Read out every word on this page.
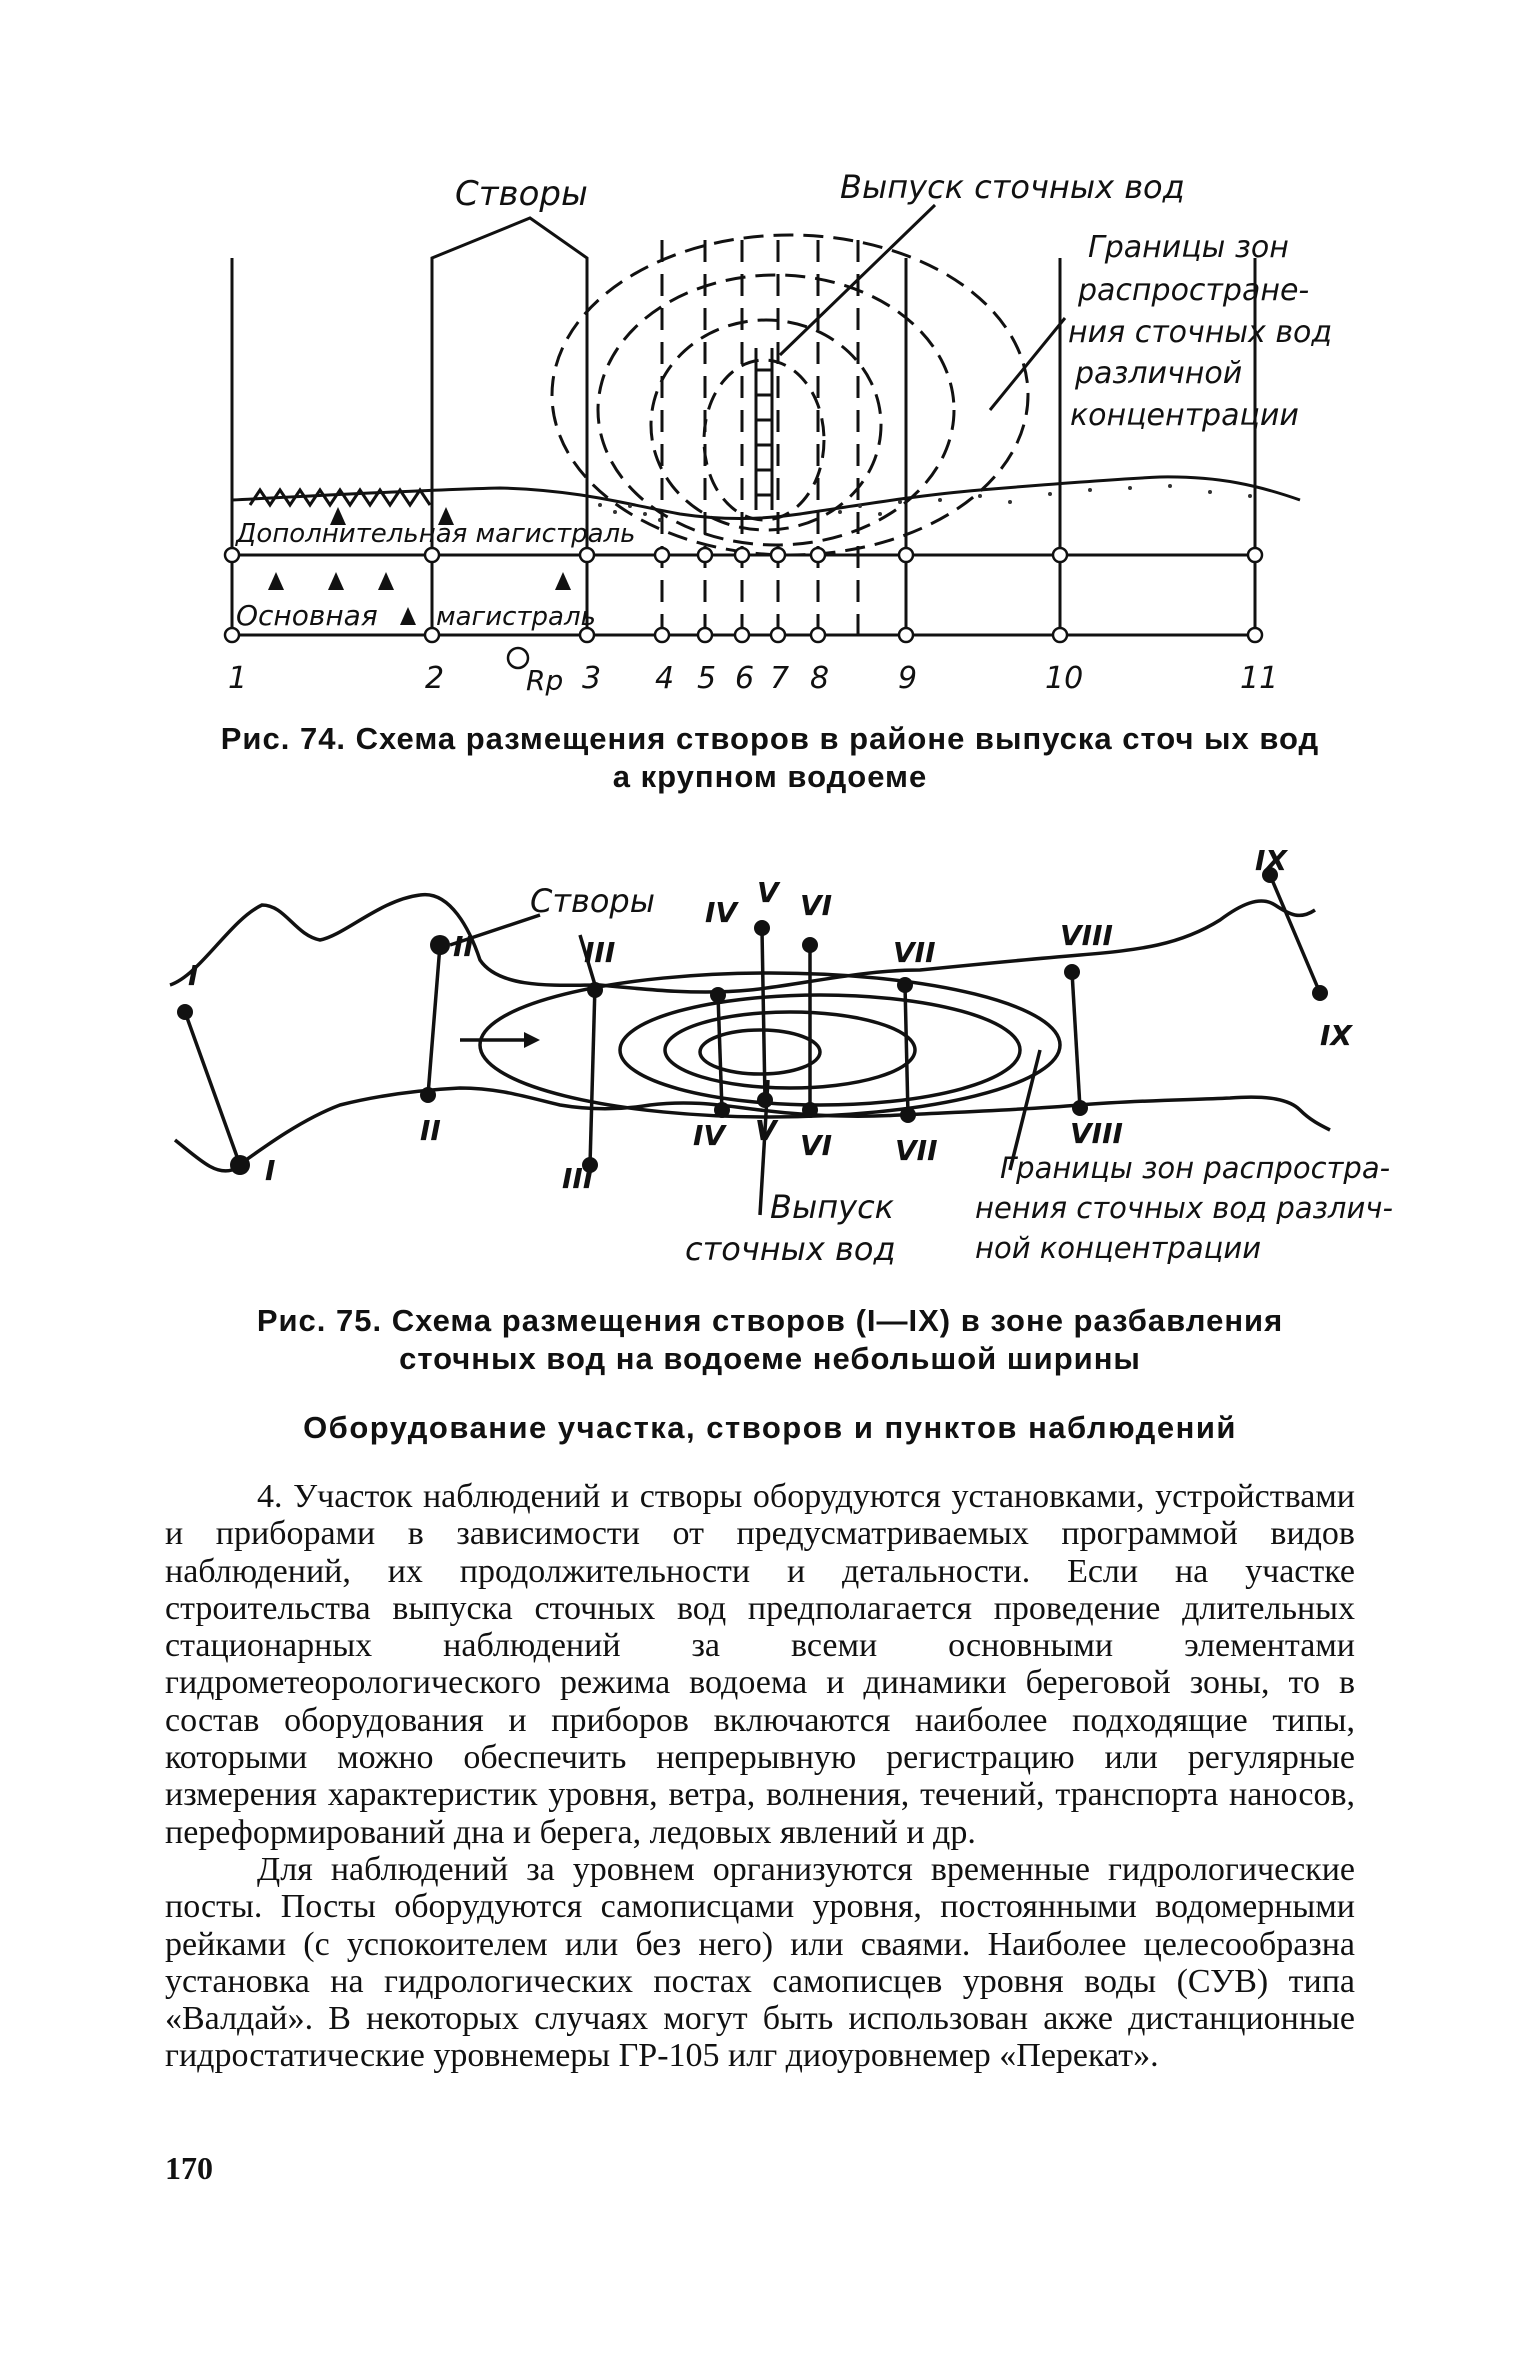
Створы	Выпуск сточных вод
Границы зон
распростране-
ния сточных вод
различной
концентрации
Дополнительная магистраль
Основная магистраль
Rp
1	2	3 4 5 6 7 8 9	10	11
Рис. 74. Схема размещения створов в районе выпуска сточ ых вод
а крупном водоеме
Створы
Выпуск
сточных вод
Границы зон распростра-
нения сточных вод различ-
ной концентрации
I
II	III
IV
V VI
VII
VIII
IX
I
II
III
IV V VI VII
VIII
IX
Рис. 75. Схема размещения створов (I—IX) в зоне разбавления
сточных вод на водоеме небольшой ширины
Оборудование участка, створов и пунктов наблюдений

4. Участок наблюдений и створы оборудуются установками, устройствами и приборами в зависимости от предусматриваемых программой видов наблюдений, их продолжительности и детальности. Если на участке строительства выпуска сточных вод предполагается проведение длительных стационарных наблюдений за всеми основными элементами гидрометеорологического режима водоема и динамики береговой зоны, то в состав оборудования и приборов включаются наиболее подходящие типы, которыми можно обеспечить непрерывную регистрацию или регулярные измерения характеристик уровня, ветра, волнения, течений, транспорта наносов, переформирований дна и берега, ледовых явлений и др.

Для наблюдений за уровнем организуются временные гидрологические посты. Посты оборудуются самописцами уровня, постоянными водомерными рейками (с успокоителем или без него) или сваями. Наиболее целесообразна установка на гидрологических постах самописцев уровня воды (СУВ) типа «Валдай». В некоторых случаях могут быть использован акже дистанционные гидростатические уровнемеры ГР-105 илг диоуровнемер «Перекат».

170
